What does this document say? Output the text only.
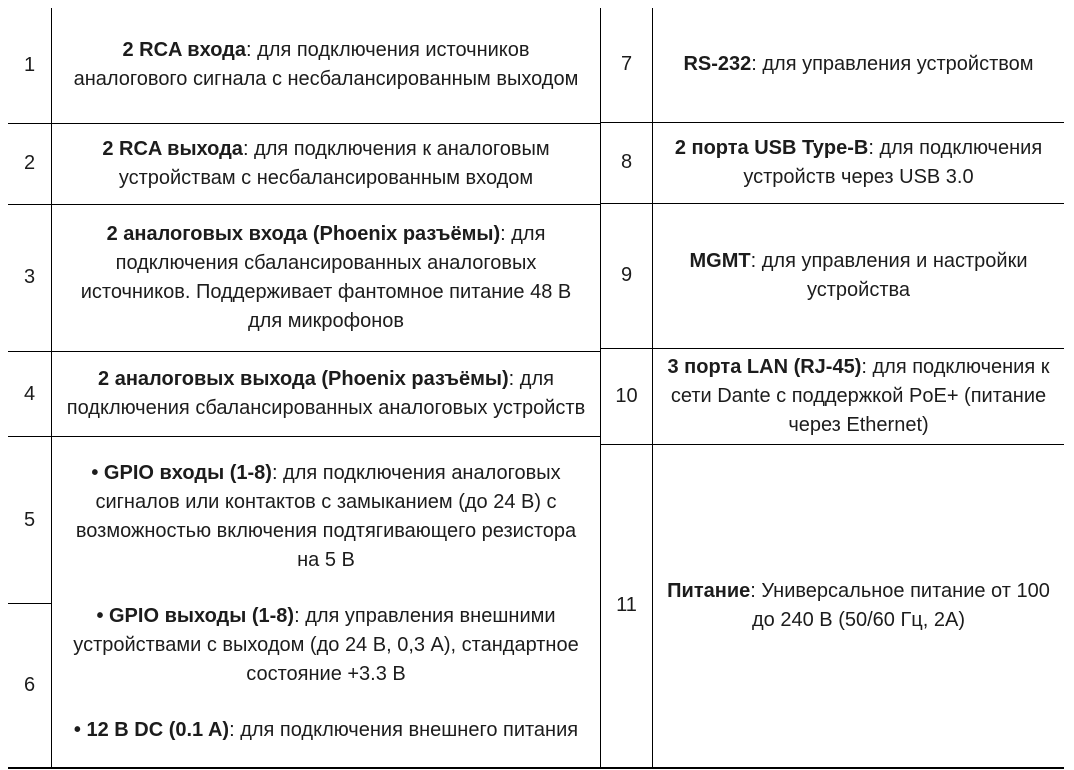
1	2 RCA входа: для подключения источников аналогового сигнала с несбалансированным выходом
2	2 RCA выхода: для подключения к аналоговым устройствам с несбалансированным входом
3	2 аналоговых входа (Phoenix разъёмы): для подключения сбалансированных аналоговых источников. Поддерживает фантомное питание 48 В для микрофонов
4	2 аналоговых выхода (Phoenix разъёмы): для подключения сбалансированных аналоговых устройств
5	• GPIO входы (1-8): для подключения аналоговых сигналов или контактов с замыканием (до 24 В) с возможностью включения подтягивающего резистора на 5 В

• GPIO выходы (1-8): для управления внешними устройствами с выходом (до 24 В, 0,3 А), стандартное состояние +3.3 В

• 12 В DC (0.1 A): для подключения внешнего питания

6	
7	RS-232: для управления устройством
8	2 порта USB Type-B: для подключения устройств через USB 3.0
9	MGMT: для управления и настройки устройства
10	3 порта LAN (RJ-45): для подключения к сети Dante с поддержкой PoE+ (питание через Ethernet)
11	Питание: Универсальное питание от 100 до 240 В (50/60 Гц, 2А)
